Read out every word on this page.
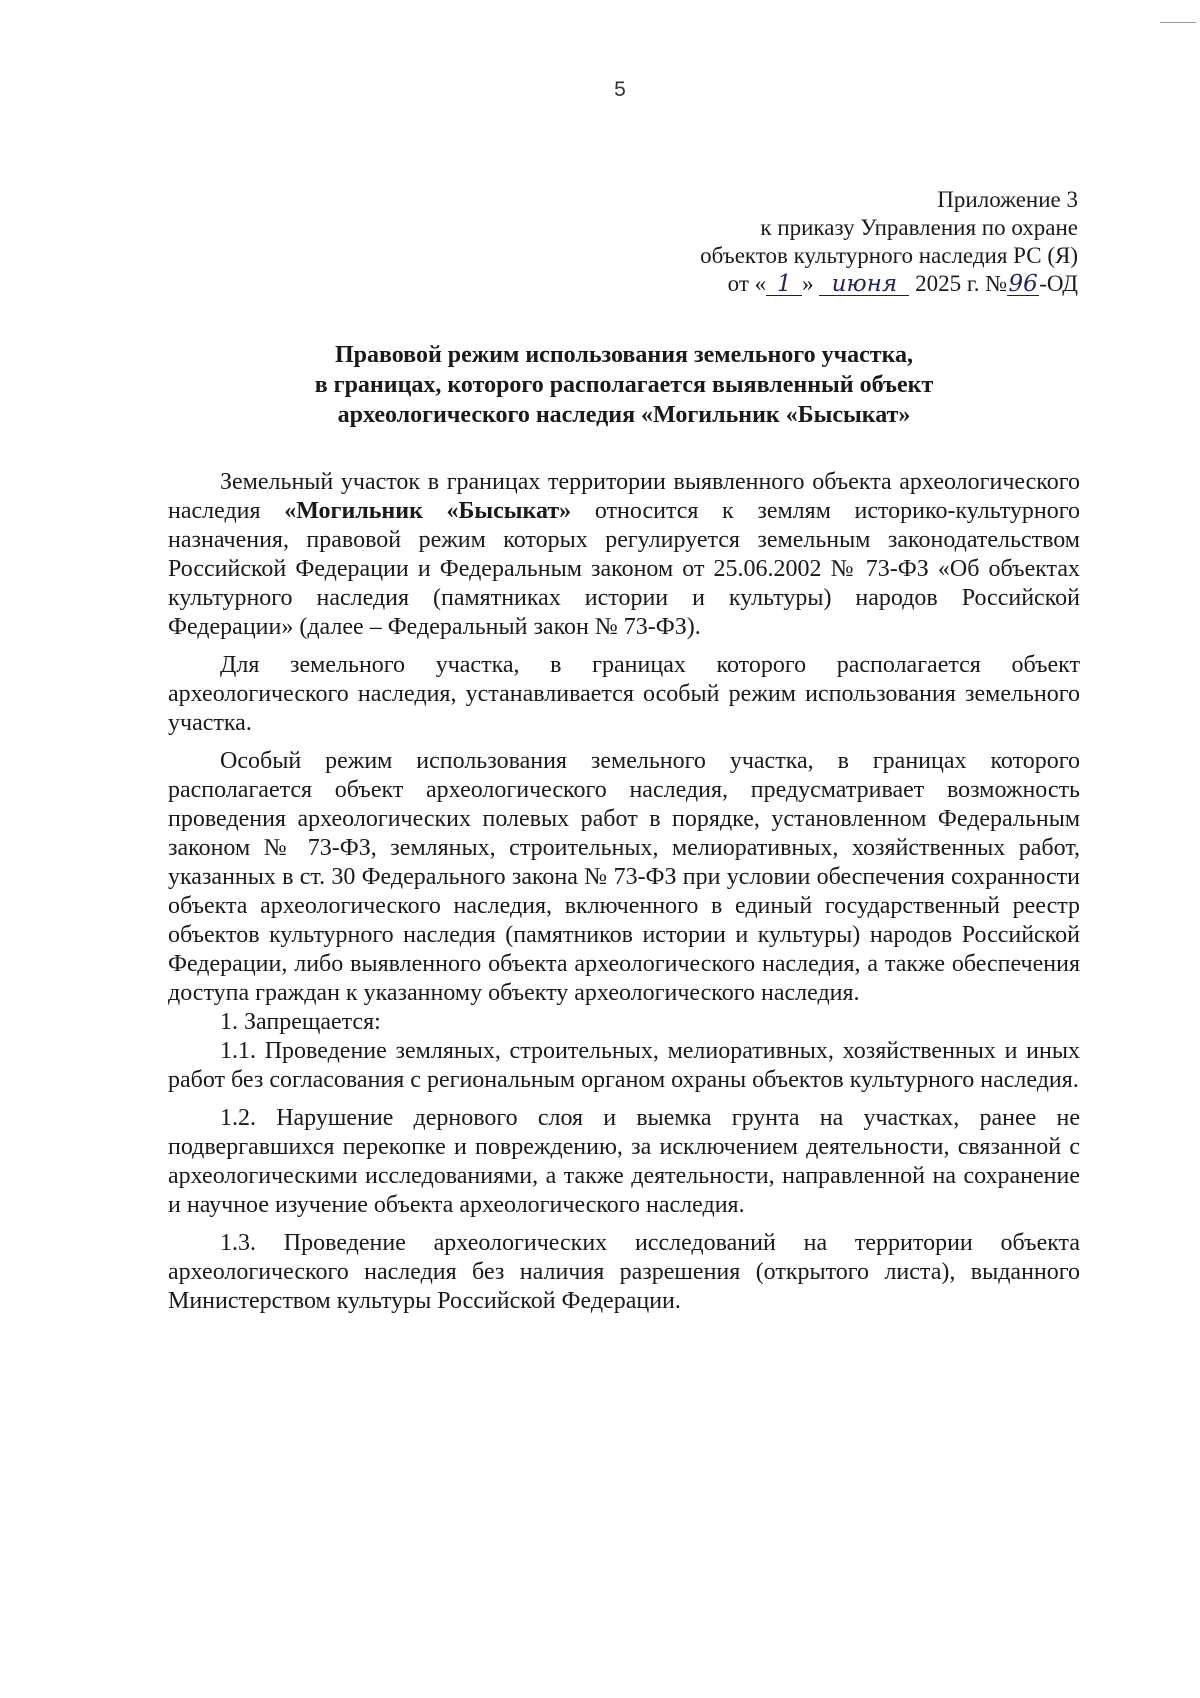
5
Приложение 3
к приказу Управления по охране
объектов культурного наследия РС (Я)
от « 1 » июня 2025 г. №96-ОД
Правовой режим использования земельного участка,
в границах, которого располагается выявленный объект
археологического наследия «Могильник «Бысыкат»

Земельный участок в границах территории выявленного объекта археологического наследия «Могильник «Бысыкат» относится к землям историко-культурного назначения, правовой режим которых регулируется земельным законодательством Российской Федерации и Федеральным законом от 25.06.2002 № 73-ФЗ «Об объектах культурного наследия (памятниках истории и культуры) народов Российской Федерации» (далее – Федеральный закон № 73-ФЗ).

Для земельного участка, в границах которого располагается объект археологического наследия, устанавливается особый режим использования земельного участка.

Особый режим использования земельного участка, в границах которого располагается объект археологического наследия, предусматривает возможность проведения археологических полевых работ в порядке, установленном Федеральным законом № 73-ФЗ, земляных, строительных, мелиоративных, хозяйственных работ, указанных в ст. 30 Федерального закона № 73-ФЗ при условии обеспечения сохранности объекта археологического наследия, включенного в единый государственный реестр объектов культурного наследия (памятников истории и культуры) народов Российской Федерации, либо выявленного объекта археологического наследия, а также обеспечения доступа граждан к указанному объекту археологического наследия.

1. Запрещается:

1.1. Проведение земляных, строительных, мелиоративных, хозяйственных и иных работ без согласования с региональным органом охраны объектов культурного наследия.

1.2. Нарушение дернового слоя и выемка грунта на участках, ранее не подвергавшихся перекопке и повреждению, за исключением деятельности, связанной с археологическими исследованиями, а также деятельности, направленной на сохранение и научное изучение объекта археологического наследия.

1.3. Проведение археологических исследований на территории объекта археологического наследия без наличия разрешения (открытого листа), выданного Министерством культуры Российской Федерации.
